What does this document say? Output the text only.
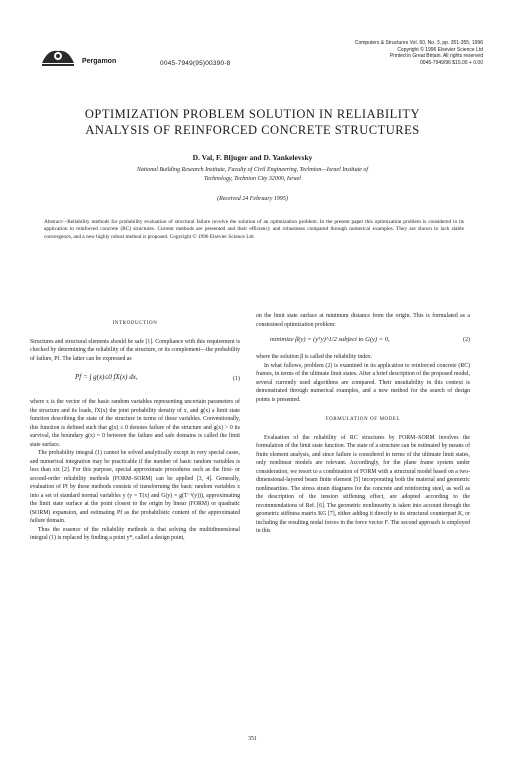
Pergamon	0045-7949(95)00390-8
Computers & Structures Vol. 60, No. 3, pp. 351-355, 1996
Copyright © 1996 Elsevier Science Ltd
Printed in Great Britain. All rights reserved
0045-7949/96 $15.00 + 0.00
OPTIMIZATION PROBLEM SOLUTION IN RELIABILITY
ANALYSIS OF REINFORCED CONCRETE STRUCTURES
D. Val, F. Bljuger and D. Yankelevsky
National Building Research Institute, Faculty of Civil Engineering, Technion—Israel Institute of
Technology, Technion City 32000, Israel
(Received 24 February 1995)

Abstract—Reliability methods for probability evaluation of structural failure involve the solution of an optimization problem. In the present paper this optimization problem is considered in its application to reinforced concrete (RC) structures. Current methods are presented and their efficiency and robustness compared through numerical examples. They are shown to lack stable convergence, and a new highly robust method is proposed. Copyright © 1996 Elsevier Science Ltd

INTRODUCTION

Structures and structural elements should be safe [1]. Compliance with this requirement is checked by determining the reliability of the structure, or its complement—the probability of failure, Pf. The latter can be expressed as

Pf = ∫ g(x)≤0 fX(x) dx,	(1)

where x is the vector of the basic random variables representing uncertain parameters of the structure and its loads, fX(x) the joint probability density of x, and g(x) a limit state function describing the state of the structure in terms of these variables. Conventionally, this function is defined such that g(x) ≤ 0 denotes failure of the structure and g(x) > 0 its survival, the boundary g(x) = 0 between the failure and safe domains is called the limit state surface.

The probability integral (1) cannot be solved analytically except in very special cases, and numerical integration may be practicable if the number of basic random variables is less than six [2]. For this purpose, special approximate procedures such as the first- or second-order reliability methods (FORM–SORM) can be applied [3, 4]. Generally, evaluation of Pf by these methods consists of transforming the basic random variables x into a set of standard normal variables y (y = T(x) and G(y) = g(T⁻¹(y))), approximating the limit state surface at the point closest to the origin by linear (FORM) or quadratic (SORM) expansion, and estimating Pf as the probabilistic content of the approximated failure domain.

Thus the essence of the reliability methods is that solving the multidimensional integral (1) is replaced by finding a point y*, called a design point,

on the limit state surface at minimum distance from the origin. This is formulated as a constrained optimization problem:

minimize β(y) = (yᵀy)^1/2 subject to G(y) = 0,	(2)

where the solution β is called the reliability index.

In what follows, problem (2) is examined in its application to reinforced concrete (RC) frames, in terms of the ultimate limit states. After a brief description of the proposed model, several currently used algorithms are compared. Their unsuitability in this context is demonstrated through numerical examples, and a new method for the search of design points is presented.

FORMULATION OF MODEL

Evaluation of the reliability of RC structures by FORM–SORM involves the formulation of the limit state function. The state of a structure can be estimated by means of finite element analysis, and since failure is considered in terms of the ultimate limit states, only nonlinear models are relevant. Accordingly, for the plane frame system under consideration, we resort to a combination of FORM with a structural model based on a two-dimensional-layered beam finite element [5] incorporating both the material and geometric nonlinearities. The stress strain diagrams for the concrete and reinforcing steel, as well as the description of the tension stiffening effect, are adopted according to the recommendations of Ref. [6]. The geometric nonlinearity is taken into account through the geometric stiffness matrix KG [7], either adding it directly to its structural counterpart K, or including the resulting nodal forces in the force vector F. The second approach is employed in this

351
